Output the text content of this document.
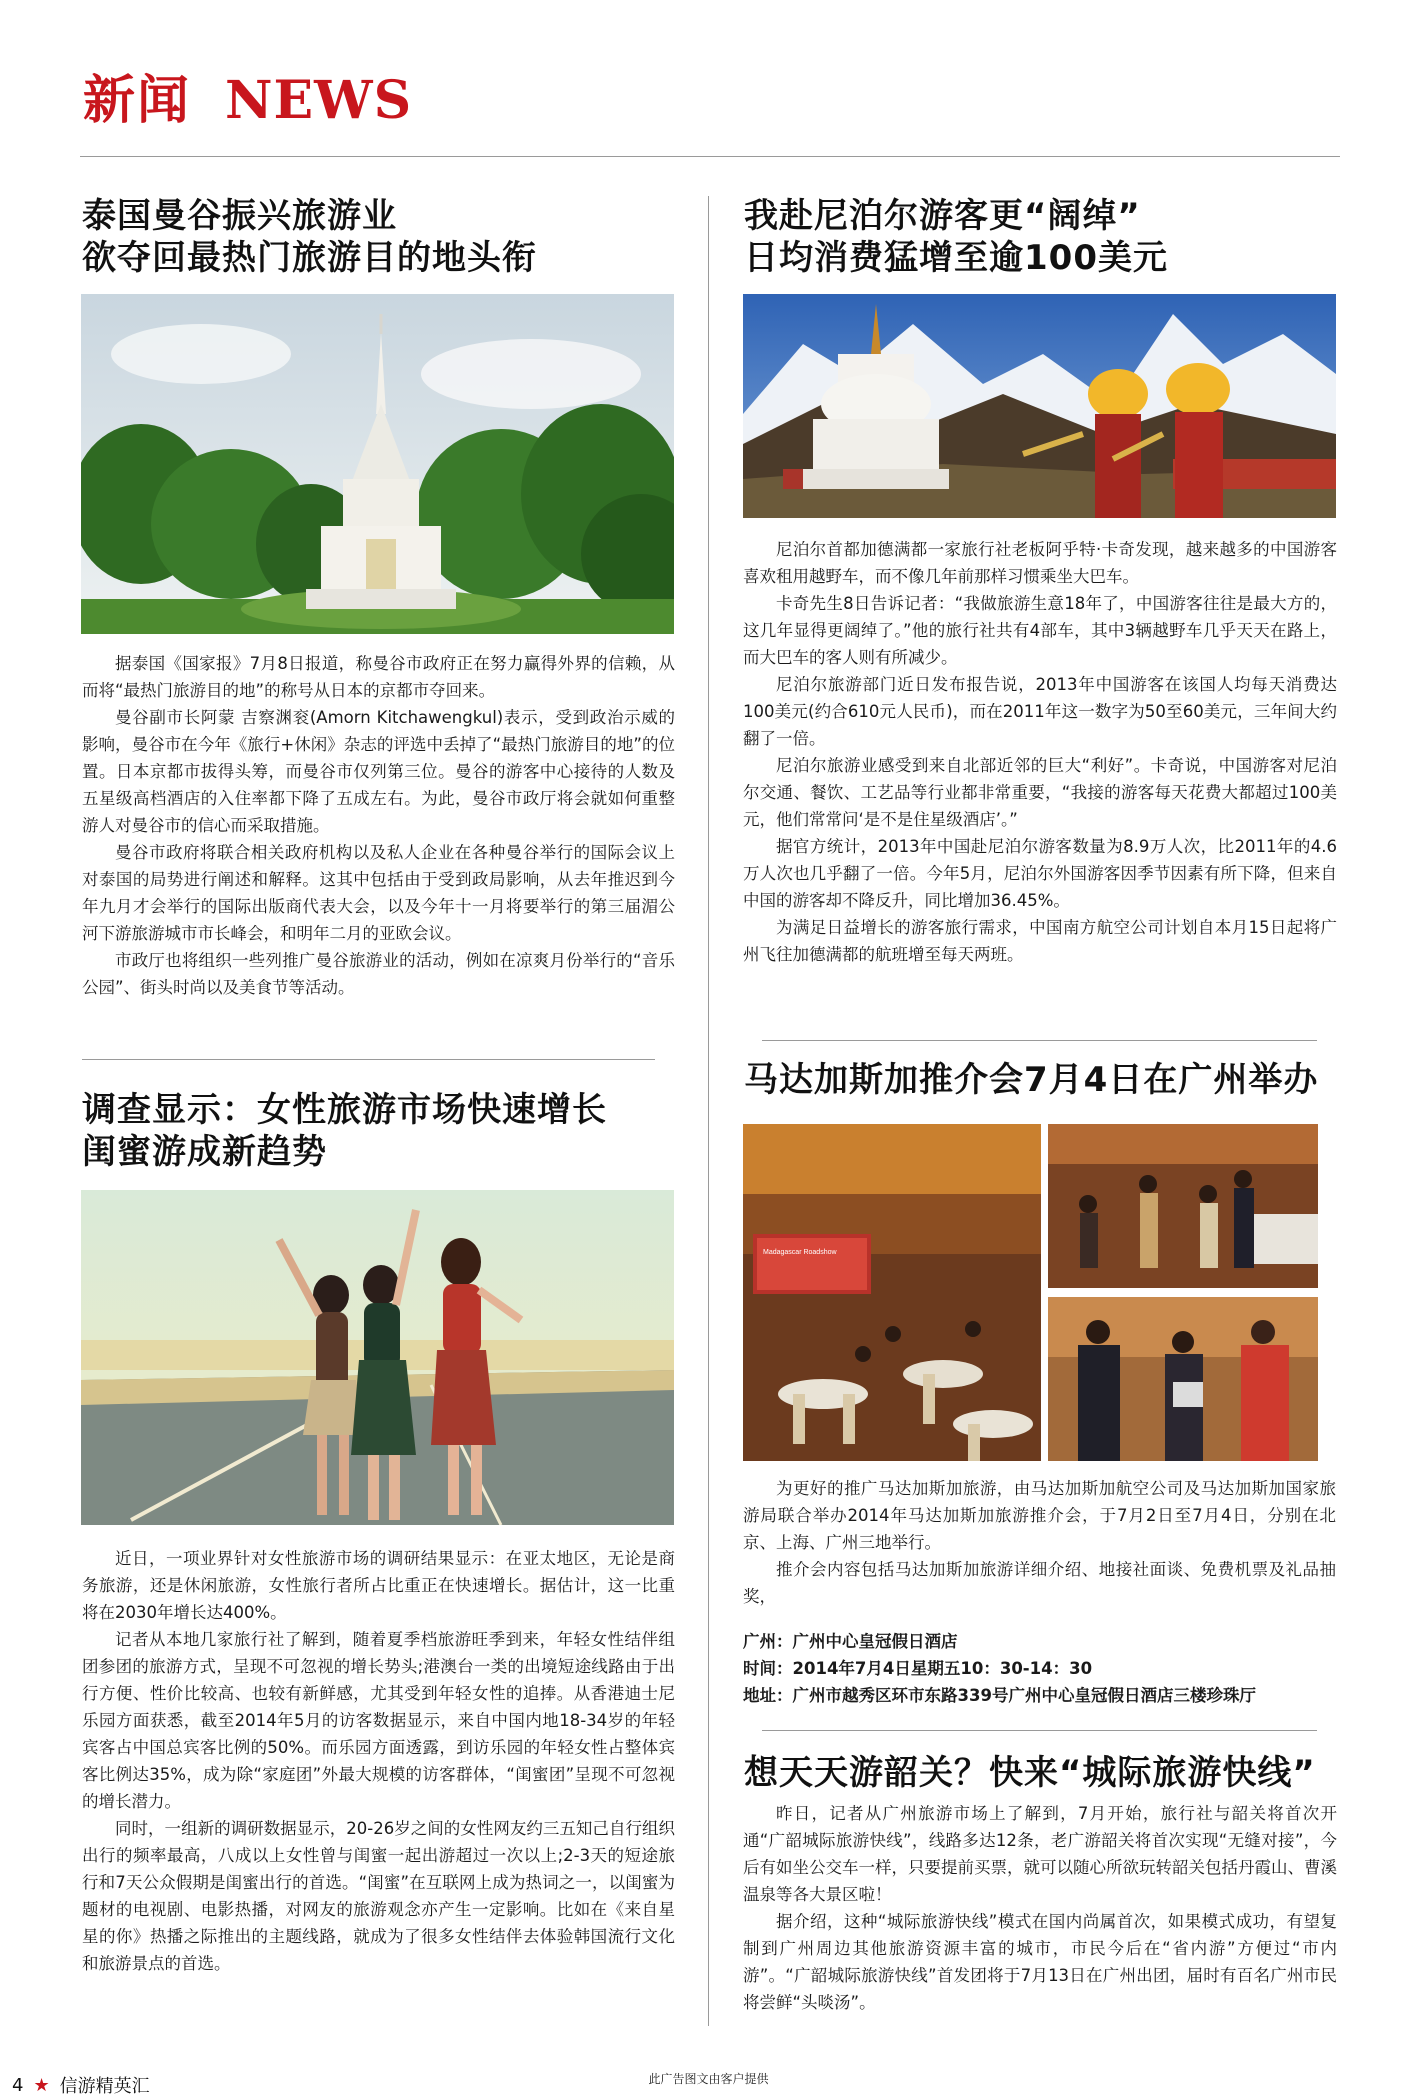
新闻 NEWS
泰国曼谷振兴旅游业
欲夺回最热门旅游目的地头衔

据泰国《国家报》7月8日报道，称曼谷市政府正在努力赢得外界的信赖，从而将“最热门旅游目的地”的称号从日本的京都市夺回来。

曼谷副市长阿蒙 吉察渊衮(Amorn Kitchawengkul)表示，受到政治示威的影响，曼谷市在今年《旅行+休闲》杂志的评选中丢掉了“最热门旅游目的地”的位置。日本京都市拔得头筹，而曼谷市仅列第三位。曼谷的游客中心接待的人数及五星级高档酒店的入住率都下降了五成左右。为此，曼谷市政厅将会就如何重整游人对曼谷市的信心而采取措施。

曼谷市政府将联合相关政府机构以及私人企业在各种曼谷举行的国际会议上对泰国的局势进行阐述和解释。这其中包括由于受到政局影响，从去年推迟到今年九月才会举行的国际出版商代表大会，以及今年十一月将要举行的第三届湄公河下游旅游城市市长峰会，和明年二月的亚欧会议。

市政厅也将组织一些列推广曼谷旅游业的活动，例如在凉爽月份举行的“音乐公园”、街头时尚以及美食节等活动。

调查显示：女性旅游市场快速增长
闺蜜游成新趋势

近日，一项业界针对女性旅游市场的调研结果显示：在亚太地区，无论是商务旅游，还是休闲旅游，女性旅行者所占比重正在快速增长。据估计，这一比重将在2030年增长达400%。

记者从本地几家旅行社了解到，随着夏季档旅游旺季到来，年轻女性结伴组团参团的旅游方式，呈现不可忽视的增长势头;港澳台一类的出境短途线路由于出行方便、性价比较高、也较有新鲜感，尤其受到年轻女性的追捧。从香港迪士尼乐园方面获悉，截至2014年5月的访客数据显示，来自中国内地18-34岁的年轻宾客占中国总宾客比例的50%。而乐园方面透露，到访乐园的年轻女性占整体宾客比例达35%，成为除“家庭团”外最大规模的访客群体，“闺蜜团”呈现不可忽视的增长潜力。

同时，一组新的调研数据显示，20-26岁之间的女性网友约三五知己自行组织出行的频率最高，八成以上女性曾与闺蜜一起出游超过一次以上;2-3天的短途旅行和7天公众假期是闺蜜出行的首选。“闺蜜”在互联网上成为热词之一，以闺蜜为题材的电视剧、电影热播，对网友的旅游观念亦产生一定影响。比如在《来自星星的你》热播之际推出的主题线路，就成为了很多女性结伴去体验韩国流行文化和旅游景点的首选。

我赴尼泊尔游客更“阔绰”
日均消费猛增至逾100美元

尼泊尔首都加德满都一家旅行社老板阿乎特·卡奇发现，越来越多的中国游客喜欢租用越野车，而不像几年前那样习惯乘坐大巴车。

卡奇先生8日告诉记者：“我做旅游生意18年了，中国游客往往是最大方的，这几年显得更阔绰了。”他的旅行社共有4部车，其中3辆越野车几乎天天在路上，而大巴车的客人则有所减少。

尼泊尔旅游部门近日发布报告说，2013年中国游客在该国人均每天消费达100美元(约合610元人民币)，而在2011年这一数字为50至60美元，三年间大约翻了一倍。

尼泊尔旅游业感受到来自北部近邻的巨大“利好”。卡奇说，中国游客对尼泊尔交通、餐饮、工艺品等行业都非常重要，“我接的游客每天花费大都超过100美元，他们常常问‘是不是住星级酒店’。”

据官方统计，2013年中国赴尼泊尔游客数量为8.9万人次，比2011年的4.6万人次也几乎翻了一倍。今年5月，尼泊尔外国游客因季节因素有所下降，但来自中国的游客却不降反升，同比增加36.45%。

为满足日益增长的游客旅行需求，中国南方航空公司计划自本月15日起将广州飞往加德满都的航班增至每天两班。

马达加斯加推介会7月4日在广州举办
Madagascar Roadshow

为更好的推广马达加斯加旅游，由马达加斯加航空公司及马达加斯加国家旅游局联合举办2014年马达加斯加旅游推介会，于7月2日至7月4日，分别在北京、上海、广州三地举行。

推介会内容包括马达加斯加旅游详细介绍、地接社面谈、免费机票及礼品抽奖，

广州：广州中心皇冠假日酒店
时间：2014年7月4日星期五10：30-14：30
地址：广州市越秀区环市东路339号广州中心皇冠假日酒店三楼珍珠厅
想天天游韶关？快来“城际旅游快线”

昨日，记者从广州旅游市场上了解到，7月开始，旅行社与韶关将首次开通“广韶城际旅游快线”，线路多达12条，老广游韶关将首次实现“无缝对接”，今后有如坐公交车一样，只要提前买票，就可以随心所欲玩转韶关包括丹霞山、曹溪温泉等各大景区啦！

据介绍，这种“城际旅游快线”模式在国内尚属首次，如果模式成功，有望复制到广州周边其他旅游资源丰富的城市，市民今后在“省内游”方便过“市内游”。“广韶城际旅游快线”首发团将于7月13日在广州出团，届时有百名广州市民将尝鲜“头啖汤”。

4 ★ 信游精英汇	此广告图文由客户提供
